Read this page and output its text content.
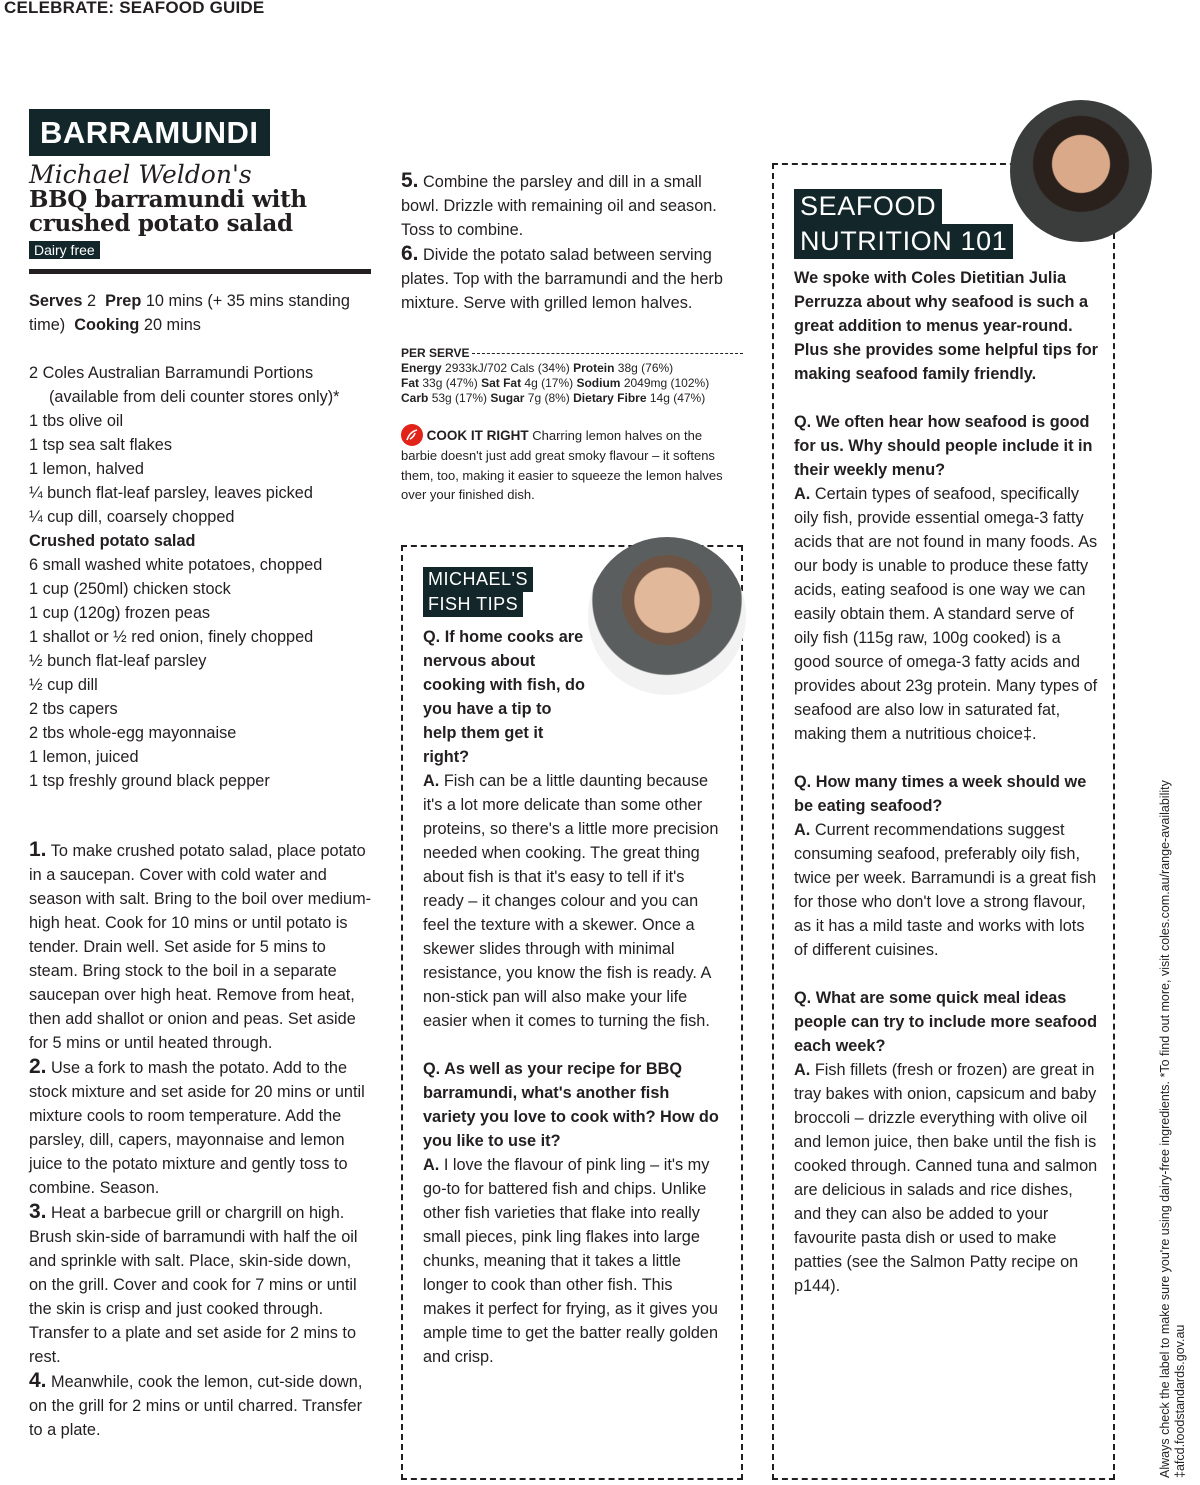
CELEBRATE: SEAFOOD GUIDE
BARRAMUNDI
Michael Weldon's
BBQ barramundi with
crushed potato salad
Dairy free
Serves 2 Prep 10 mins (+ 35 mins standing time) Cooking 20 mins

2 Coles Australian Barramundi Portions (available from deli counter stores only)*

1 tbs olive oil

1 tsp sea salt flakes

1 lemon, halved

¼ bunch flat-leaf parsley, leaves picked

¼ cup dill, coarsely chopped

Crushed potato salad

6 small washed white potatoes, chopped

1 cup (250ml) chicken stock

1 cup (120g) frozen peas

1 shallot or ½ red onion, finely chopped

½ bunch flat-leaf parsley

½ cup dill

2 tbs capers

2 tbs whole-egg mayonnaise

1 lemon, juiced

1 tsp freshly ground black pepper

1. To make crushed potato salad, place potato in a saucepan. Cover with cold water and season with salt. Bring to the boil over medium-high heat. Cook for 10 mins or until potato is tender. Drain well. Set aside for 5 mins to steam. Bring stock to the boil in a separate saucepan over high heat. Remove from heat, then add shallot or onion and peas. Set aside for 5 mins or until heated through.

2. Use a fork to mash the potato. Add to the stock mixture and set aside for 20 mins or until mixture cools to room temperature. Add the parsley, dill, capers, mayonnaise and lemon juice to the potato mixture and gently toss to combine. Season.

3. Heat a barbecue grill or chargrill on high. Brush skin-side of barramundi with half the oil and sprinkle with salt. Place, skin-side down, on the grill. Cover and cook for 7 mins or until the skin is crisp and just cooked through. Transfer to a plate and set aside for 2 mins to rest.

4. Meanwhile, cook the lemon, cut-side down, on the grill for 2 mins or until charred. Transfer to a plate.

5. Combine the parsley and dill in a small bowl. Drizzle with remaining oil and season. Toss to combine.

6. Divide the potato salad between serving plates. Top with the barramundi and the herb mixture. Serve with grilled lemon halves.

PER SERVE
Energy 2933kJ/702 Cals (34%) Protein 38g (76%)
Fat 33g (47%) Sat Fat 4g (17%) Sodium 2049mg (102%)
Carb 53g (17%) Sugar 7g (8%) Dietary Fibre 14g (47%)
COOK IT RIGHT Charring lemon halves on the barbie doesn't just add great smoky flavour – it softens them, too, making it easier to squeeze the lemon halves over your finished dish.
MICHAEL'S
FISH TIPS

Q. If home cooks are nervous about cooking with fish, do you have a tip to help them get it right?

A. Fish can be a little daunting because it's a lot more delicate than some other proteins, so there's a little more precision needed when cooking. The great thing about fish is that it's easy to tell if it's ready – it changes colour and you can feel the texture with a skewer. Once a skewer slides through with minimal resistance, you know the fish is ready. A non-stick pan will also make your life easier when it comes to turning the fish.

Q. As well as your recipe for BBQ barramundi, what's another fish variety you love to cook with? How do you like to use it?

A. I love the flavour of pink ling – it's my go-to for battered fish and chips. Unlike other fish varieties that flake into really small pieces, pink ling flakes into large chunks, meaning that it takes a little longer to cook than other fish. This makes it perfect for frying, as it gives you ample time to get the batter really golden and crisp.

SEAFOOD
NUTRITION 101

We spoke with Coles Dietitian Julia Perruzza about why seafood is such a great addition to menus year-round. Plus she provides some helpful tips for making seafood family friendly.

Q. We often hear how seafood is good for us. Why should people include it in their weekly menu?

A. Certain types of seafood, specifically oily fish, provide essential omega-3 fatty acids that are not found in many foods. As our body is unable to produce these fatty acids, eating seafood is one way we can easily obtain them. A standard serve of oily fish (115g raw, 100g cooked) is a good source of omega-3 fatty acids and provides about 23g protein. Many types of seafood are also low in saturated fat, making them a nutritious choice‡.

Q. How many times a week should we be eating seafood?

A. Current recommendations suggest consuming seafood, preferably oily fish, twice per week. Barramundi is a great fish for those who don't love a strong flavour, as it has a mild taste and works with lots of different cuisines.

Q. What are some quick meal ideas people can try to include more seafood each week?

A. Fish fillets (fresh or frozen) are great in tray bakes with onion, capsicum and baby broccoli – drizzle everything with olive oil and lemon juice, then bake until the fish is cooked through. Canned tuna and salmon are delicious in salads and rice dishes, and they can also be added to your favourite pasta dish or used to make patties (see the Salmon Patty recipe on p144).	Always check the label to make sure you're using dairy-free ingredients. *To find out more, visit coles.com.au/range-availability ‡afcd.foodstandards.gov.au
